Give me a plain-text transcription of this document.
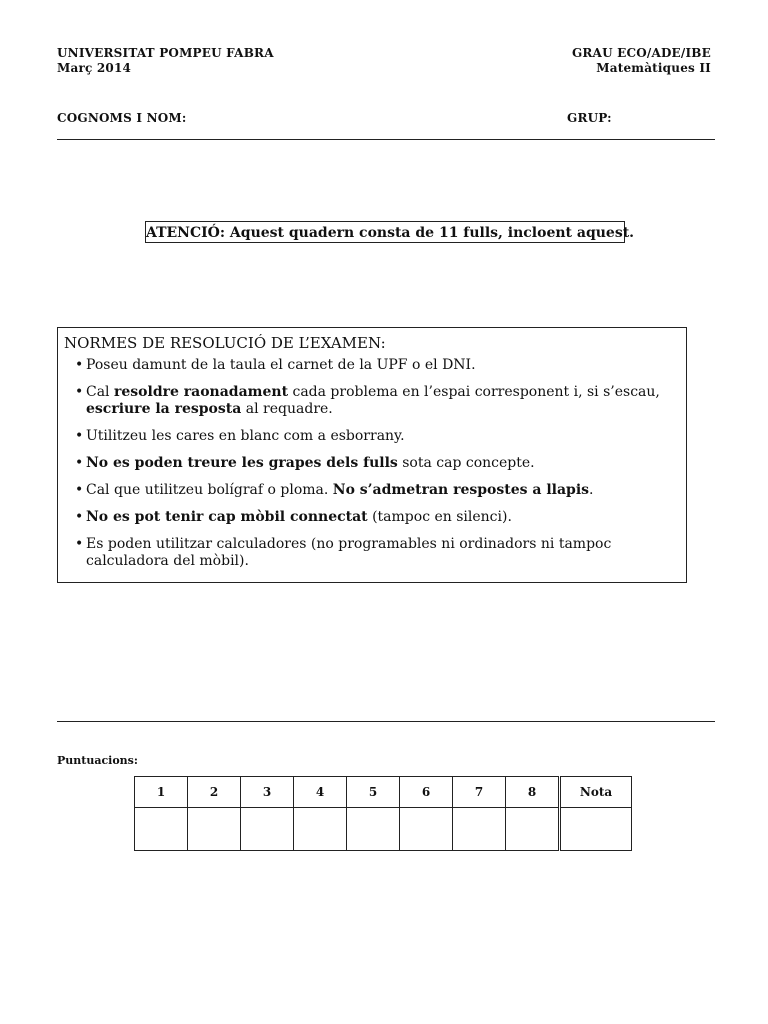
UNIVERSITAT POMPEU FABRA
Març 2014
GRAU ECO/ADE/IBE
Matemàtiques II
COGNOMS I NOM:	GRUP:
ATENCIÓ: Aquest quadern consta de 11 fulls, incloent aquest.
NORMES DE RESOLUCIÓ DE L’EXAMEN:
• Poseu damunt de la taula el carnet de la UPF o el DNI.
• Cal resoldre raonadament cada problema en l’espai corresponent i, si s’escau, escriure la resposta al requadre.
• Utilitzeu les cares en blanc com a esborrany.
• No es poden treure les grapes dels fulls sota cap concepte.
• Cal que utilitzeu bolígraf o ploma. No s’admetran respostes a llapis.
• No es pot tenir cap mòbil connectat (tampoc en silenci).
• Es poden utilitzar calculadores (no programables ni ordinadors ni tampoc calculadora del mòbil).
Puntuacions:
1	2	3	4	5	6	7	8	Nota
